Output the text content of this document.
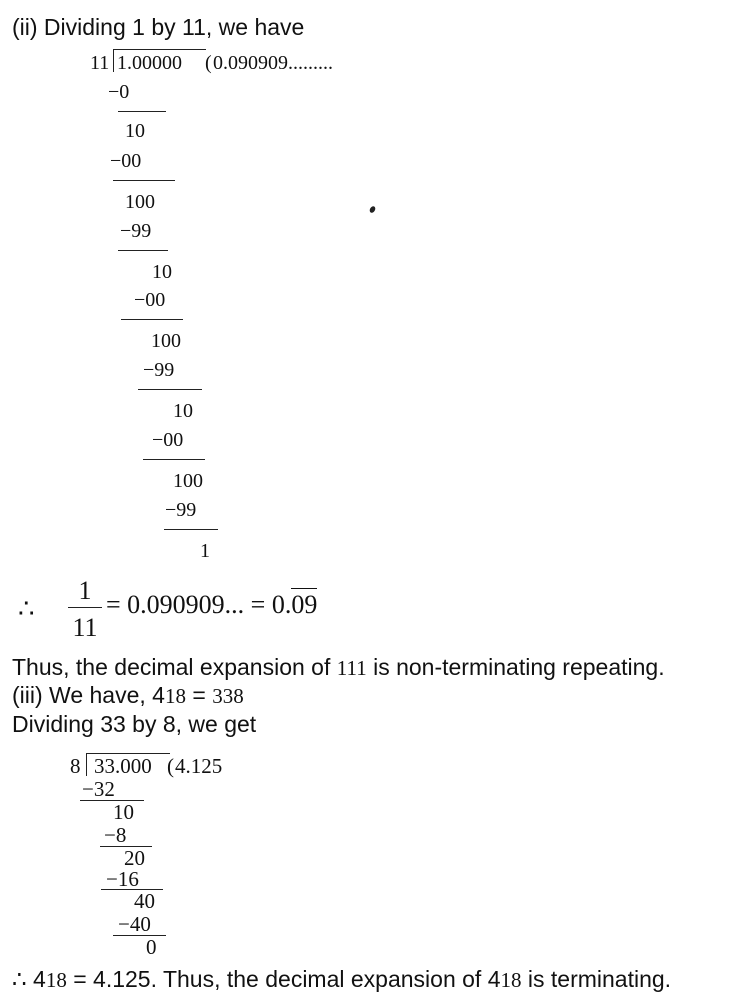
(ii) Dividing 1 by 11, we have
11 1.00000 ( 0.090909.........
−0
10
−00
100
−99
10
−00
100
−99
10
−00
100
−99
1
∴
1
11
= 0.090909... = 0.09
Thus, the decimal expansion of 111 is non-terminating repeating.
(iii) We have, 418 = 338
Dividing 33 by 8, we get
8 33.000 ( 4.125
−32
10
−8
20
−16
40
−40
0
∴ 418 = 4.125. Thus, the decimal expansion of 418 is terminating.
